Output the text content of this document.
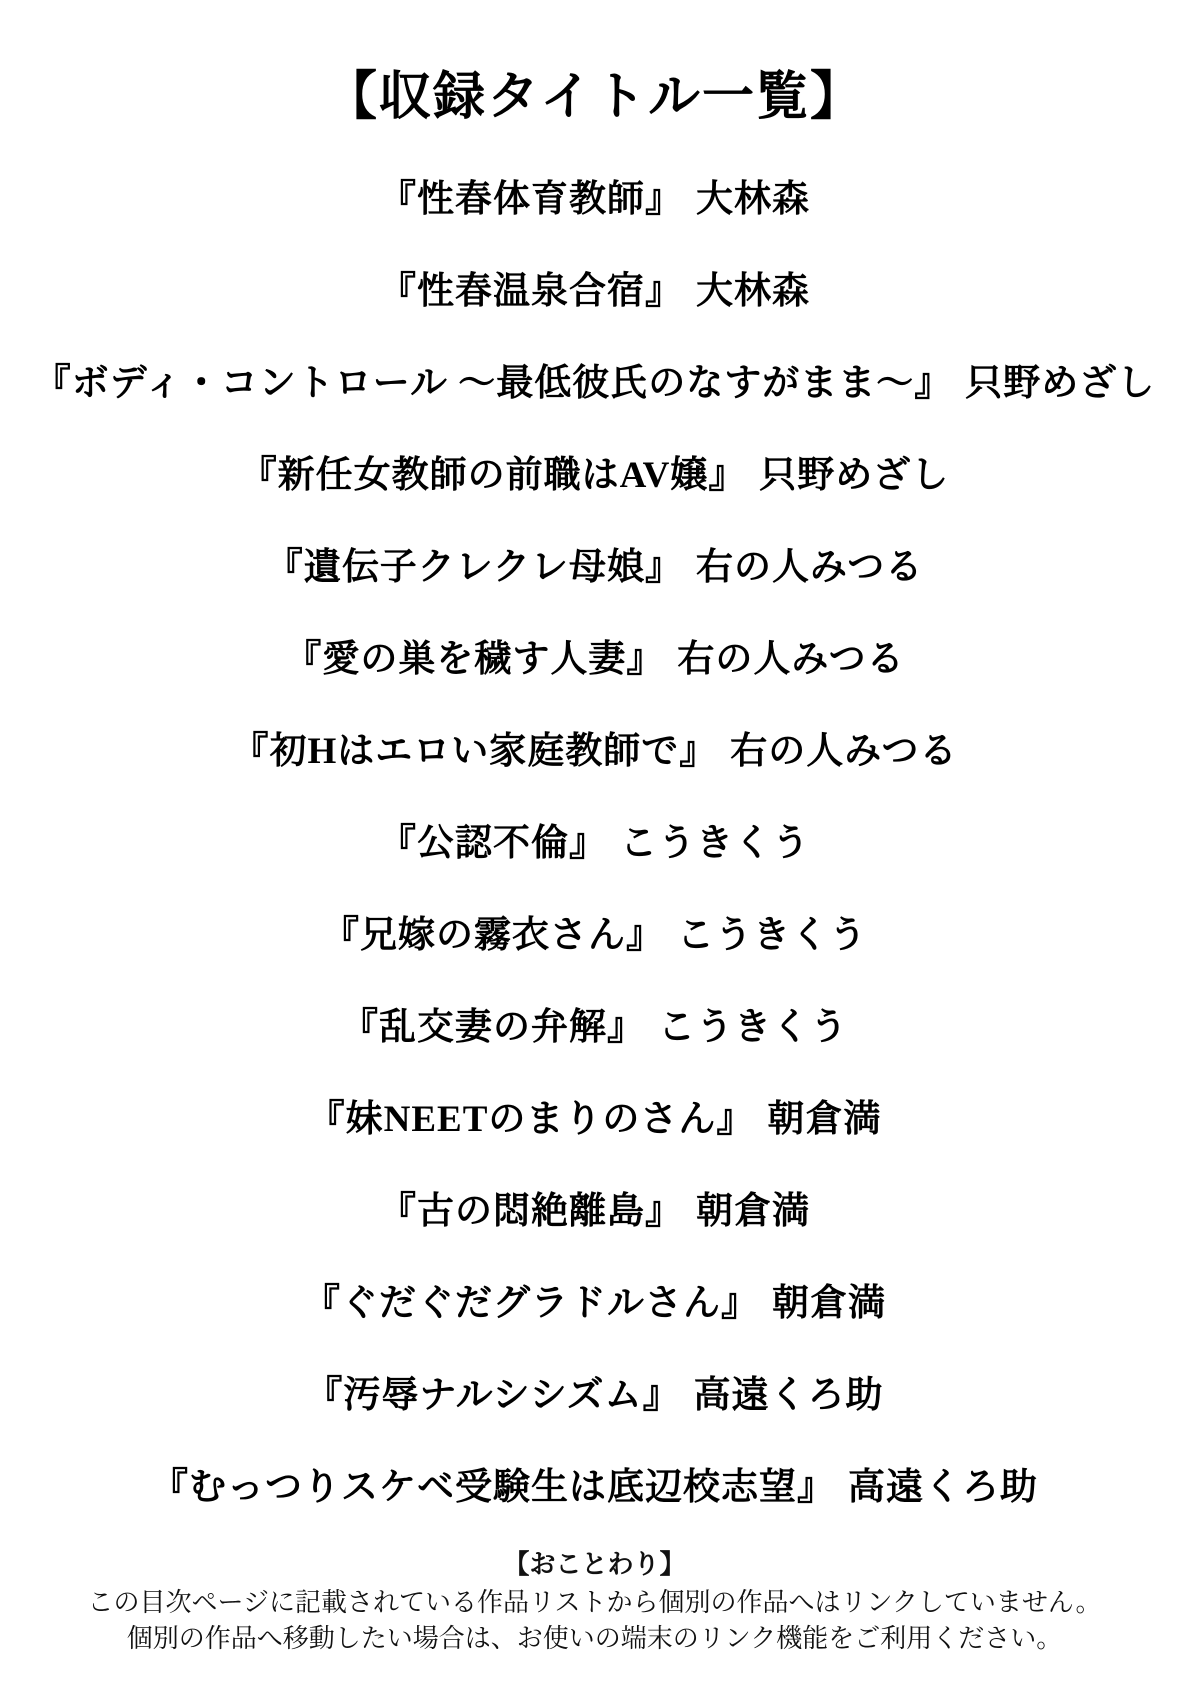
【収録タイトル一覧】
『性春体育教師』 大林森
『性春温泉合宿』 大林森
『ボディ・コントロール ～最低彼氏のなすがまま～』 只野めざし
『新任女教師の前職はAV嬢』 只野めざし
『遺伝子クレクレ母娘』 右の人みつる
『愛の巣を穢す人妻』 右の人みつる
『初Hはエロい家庭教師で』 右の人みつる
『公認不倫』 こうきくう
『兄嫁の霧衣さん』 こうきくう
『乱交妻の弁解』 こうきくう
『妹NEETのまりのさん』 朝倉満
『古の悶絶離島』 朝倉満
『ぐだぐだグラドルさん』 朝倉満
『汚辱ナルシシズム』 高遠くろ助
『むっつりスケベ受験生は底辺校志望』 高遠くろ助
【おことわり】
この目次ページに記載されている作品リストから個別の作品へはリンクしていません。
個別の作品へ移動したい場合は、お使いの端末のリンク機能をご利用ください。
